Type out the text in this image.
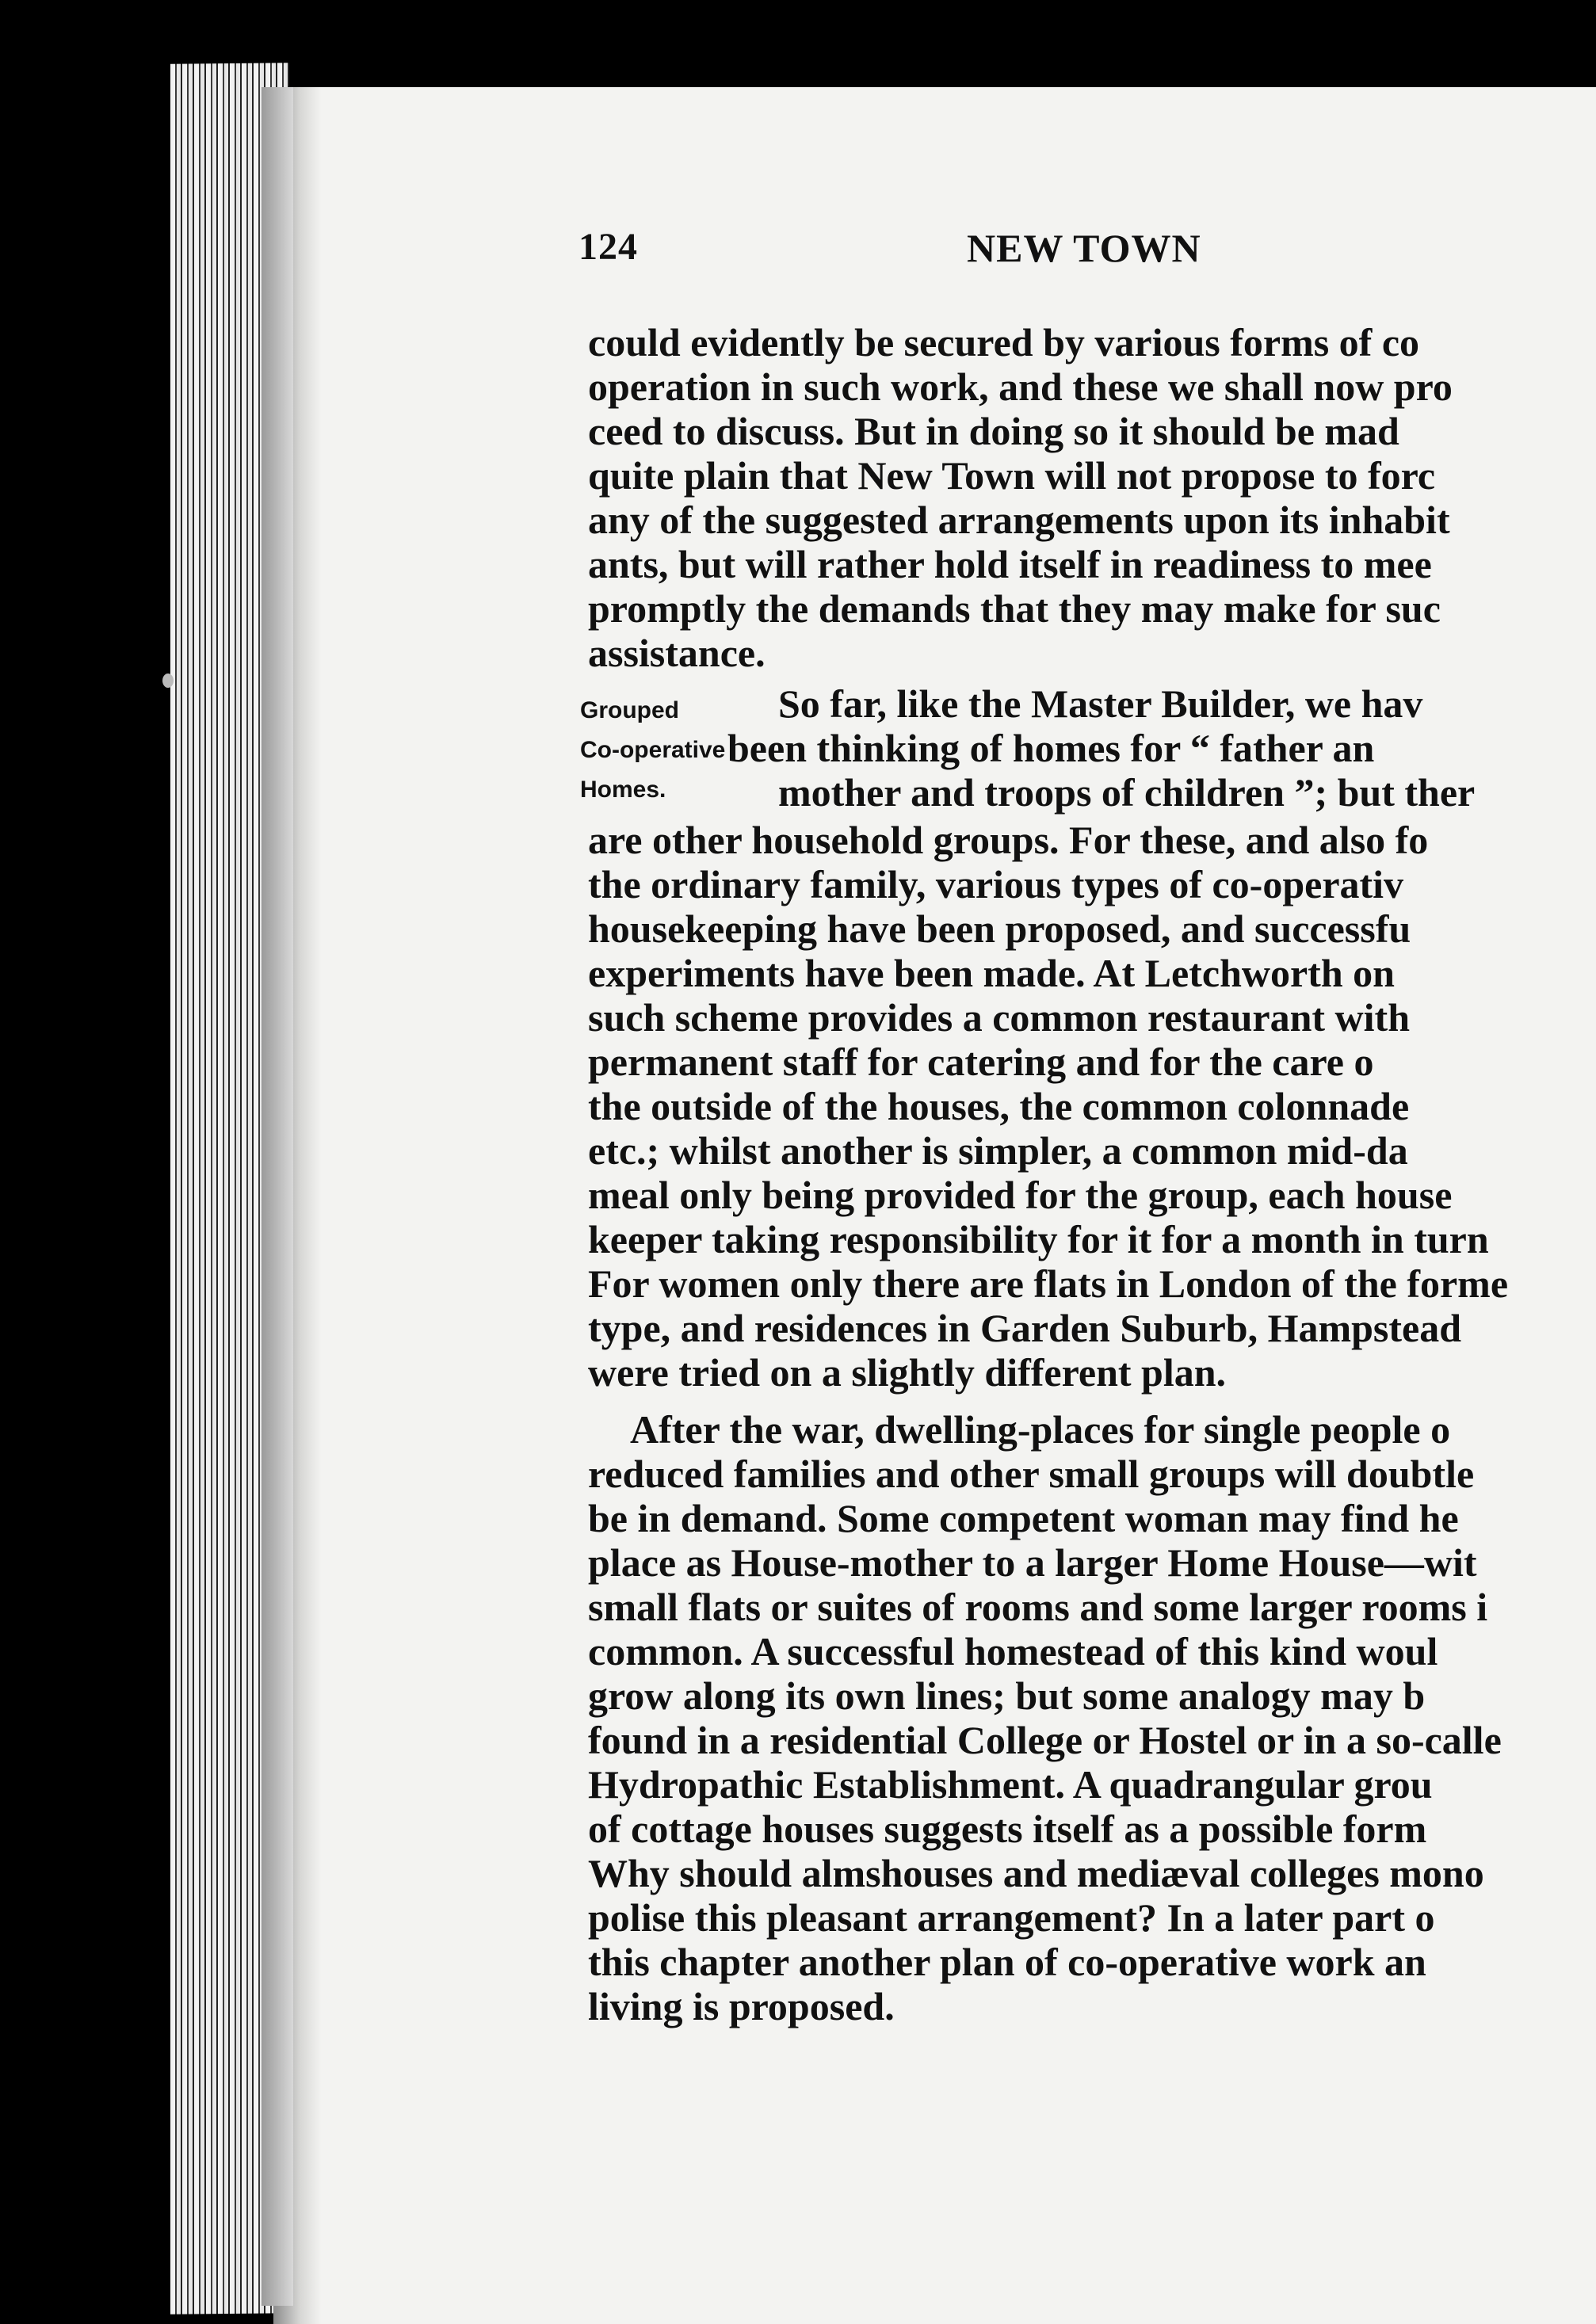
124	NEW TOWN
could evidently be secured by various forms of co
operation in such work, and these we shall now pro
ceed to discuss. But in doing so it should be mad
quite plain that New Town will not propose to forc
any of the suggested arrangements upon its inhabit
ants, but will rather hold itself in readiness to mee
promptly the demands that they may make for suc
assistance.
Grouped
Co-operative
Homes.
So far, like the Master Builder, we hav
been thinking of homes for “ father an
mother and troops of children ”; but ther
are other household groups. For these, and also fo
the ordinary family, various types of co-operativ
housekeeping have been proposed, and successfu
experiments have been made. At Letchworth on
such scheme provides a common restaurant with
permanent staff for catering and for the care o
the outside of the houses, the common colonnade
etc.; whilst another is simpler, a common mid-da
meal only being provided for the group, each house
keeper taking responsibility for it for a month in turn
For women only there are flats in London of the forme
type, and residences in Garden Suburb, Hampstead
were tried on a slightly different plan.
After the war, dwelling-places for single people o
reduced families and other small groups will doubtle
be in demand. Some competent woman may find he
place as House-mother to a larger Home House—wit
small flats or suites of rooms and some larger rooms i
common. A successful homestead of this kind woul
grow along its own lines; but some analogy may b
found in a residential College or Hostel or in a so-calle
Hydropathic Establishment. A quadrangular grou
of cottage houses suggests itself as a possible form
Why should almshouses and mediæval colleges mono
polise this pleasant arrangement? In a later part o
this chapter another plan of co-operative work an
living is proposed.
